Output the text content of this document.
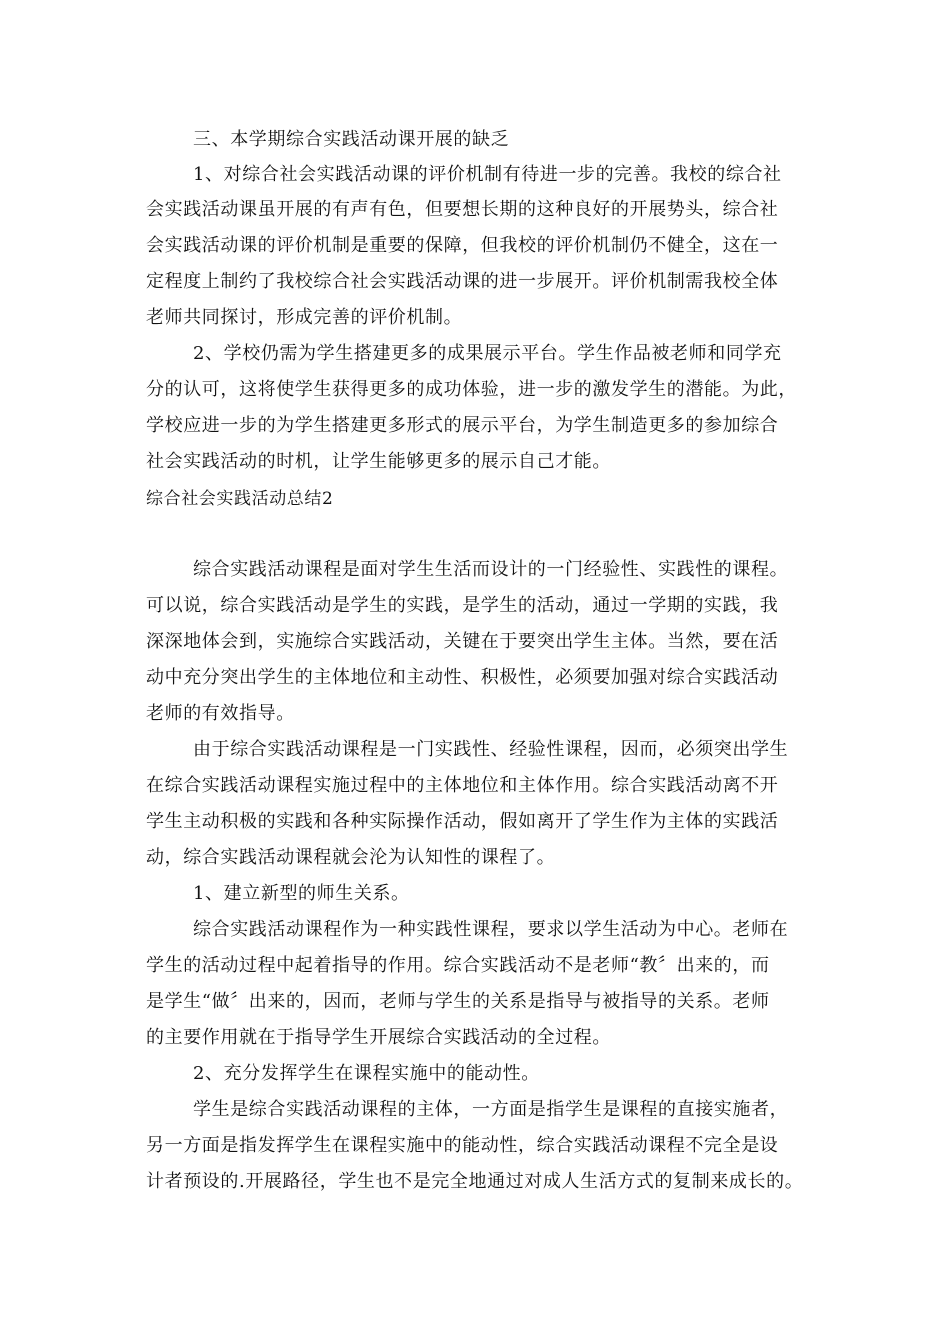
三、本学期综合实践活动课开展的缺乏
1、对综合社会实践活动课的评价机制有待进一步的完善。我校的综合社
会实践活动课虽开展的有声有色，但要想长期的这种良好的开展势头，综合社
会实践活动课的评价机制是重要的保障，但我校的评价机制仍不健全，这在一
定程度上制约了我校综合社会实践活动课的进一步展开。评价机制需我校全体
老师共同探讨，形成完善的评价机制。
2、学校仍需为学生搭建更多的成果展示平台。学生作品被老师和同学充
分的认可，这将使学生获得更多的成功体验，进一步的激发学生的潜能。为此，
学校应进一步的为学生搭建更多形式的展示平台，为学生制造更多的参加综合
社会实践活动的时机，让学生能够更多的展示自己才能。
综合社会实践活动总结2
综合实践活动课程是面对学生生活而设计的一门经验性、实践性的课程。
可以说，综合实践活动是学生的实践，是学生的活动，通过一学期的实践，我
深深地体会到，实施综合实践活动，关键在于要突出学生主体。当然，要在活
动中充分突出学生的主体地位和主动性、积极性，必须要加强对综合实践活动
老师的有效指导。
由于综合实践活动课程是一门实践性、经验性课程，因而，必须突出学生
在综合实践活动课程实施过程中的主体地位和主体作用。综合实践活动离不开
学生主动积极的实践和各种实际操作活动，假如离开了学生作为主体的实践活
动，综合实践活动课程就会沦为认知性的课程了。
1、建立新型的师生关系。
综合实践活动课程作为一种实践性课程，要求以学生活动为中心。老师在
学生的活动过程中起着指导的作用。综合实践活动不是老师“教〞出来的，而
是学生“做〞出来的，因而，老师与学生的关系是指导与被指导的关系。老师
的主要作用就在于指导学生开展综合实践活动的全过程。
2、充分发挥学生在课程实施中的能动性。
学生是综合实践活动课程的主体，一方面是指学生是课程的直接实施者，
另一方面是指发挥学生在课程实施中的能动性，综合实践活动课程不完全是设
计者预设的.开展路径，学生也不是完全地通过对成人生活方式的复制来成长的。
